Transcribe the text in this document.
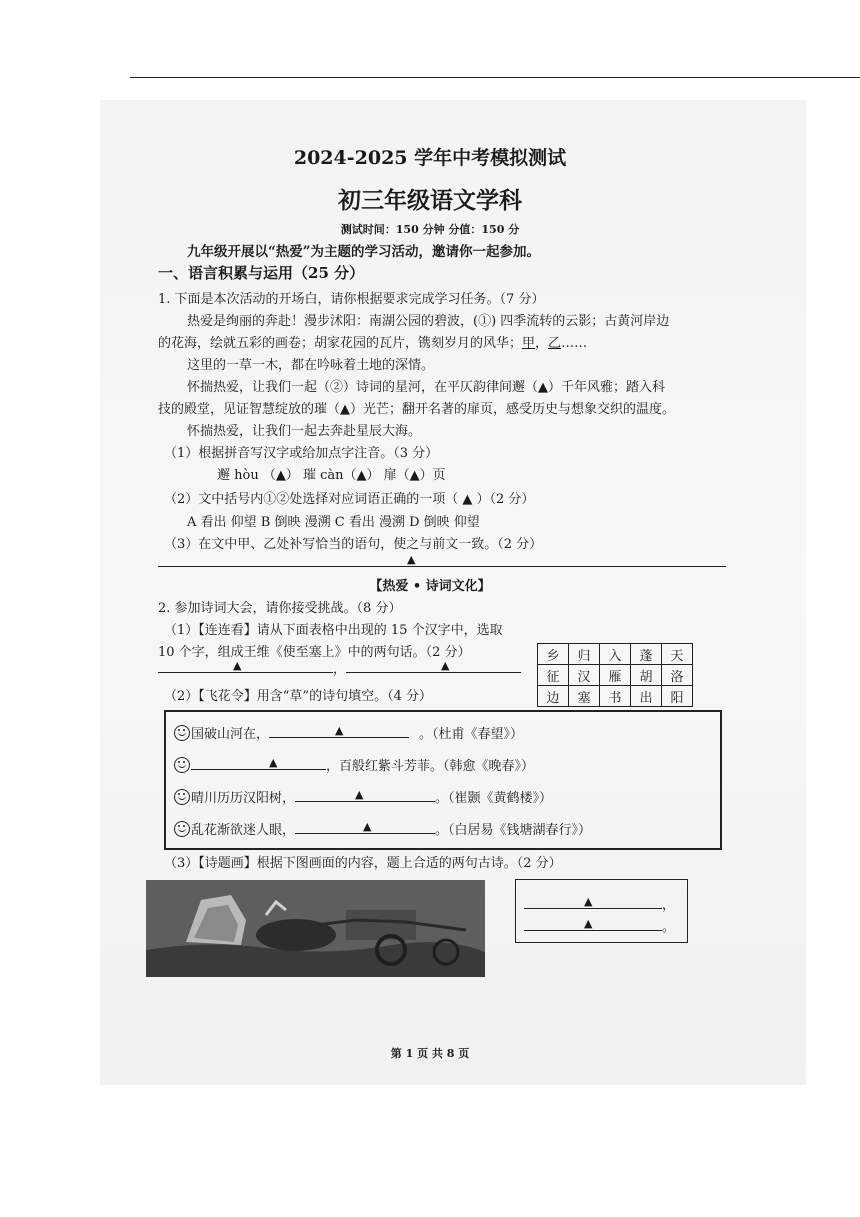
2024-2025 学年中考模拟测试
初三年级语文学科
测试时间：150 分钟 分值：150 分
九年级开展以“热爱”为主题的学习活动，邀请你一起参加。
一、语言积累与运用（25 分）
1. 下面是本次活动的开场白，请你根据要求完成学习任务。（7 分）
热爱是绚丽的奔赴！漫步沭阳：南湖公园的碧波，(①) 四季流转的云影；古黄河岸边
的花海，绘就五彩的画卷；胡家花园的瓦片，镌刻岁月的风华；甲，乙……
这里的一草一木，都在吟咏着土地的深情。
怀揣热爱，让我们一起（②）诗词的星河，在平仄韵律间邂（▲）千年风雅；踏入科
技的殿堂，见证智慧绽放的璀（▲）光芒；翻开名著的扉页，感受历史与想象交织的温度。
怀揣热爱，让我们一起去奔赴星辰大海。
（1）根据拼音写汉字或给加点字注音。（3 分）
邂 hòu （▲） 璀 càn（▲） 扉（▲）页
（2）文中括号内①②处选择对应词语正确的一项（ ▲ ）（2 分）
A 看出 仰望 B 倒映 漫溯 C 看出 漫溯 D 倒映 仰望
（3）在文中甲、乙处补写恰当的语句，使之与前文一致。（2 分）
▲
【热爱 • 诗词文化】
2. 参加诗词大会，请你接受挑战。（8 分）
（1）【连连看】请从下面表格中出现的 15 个汉字中，选取
10 个字，组成王维《使至塞上》中的两句话。（2 分）
▲	，	▲
乡	归	入	蓬	天
征	汉	雁	胡	洛
边	塞	书	出	阳
（2）【飞花令】用含“草”的诗句填空。（4 分）
国破山河在，	▲	。（杜甫《春望》）
▲	，百般红紫斗芳菲。（韩愈《晚春》）
晴川历历汉阳树，	▲	。（崔颢《黄鹤楼》）
乱花渐欲迷人眼，	▲	。（白居易《钱塘湖春行》）
（3）【诗题画】根据下图画面的内容，题上合适的两句古诗。（2 分）
▲	，
▲	。
第 1 页 共 8 页
